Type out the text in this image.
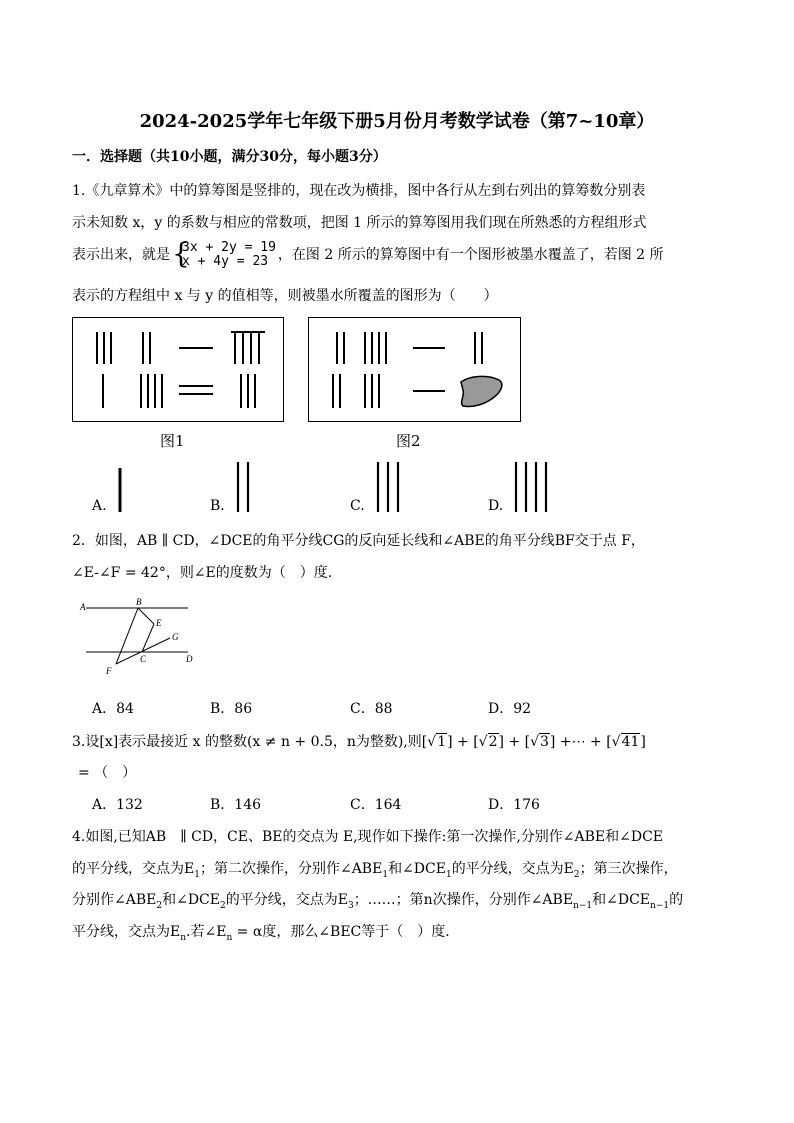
2024-2025学年七年级下册5月份月考数学试卷（第7~10章）
一．选择题（共10小题，满分30分，每小题3分）
1.《九章算术》中的算筹图是竖排的，现在改为横排，图中各行从左到右列出的算筹数分别表
示未知数 x，y 的系数与相应的常数项，把图 1 所示的算筹图用我们现在所熟悉的方程组形式
表示出来，就是 {
3x + 2y = 19
x + 4y = 23 ，在图 2 所示的算筹图中有一个图形被墨水覆盖了，若图 2 所
表示的方程组中 x 与 y 的值相等，则被墨水所覆盖的图形为（　　）
图1	图2
A.	B.	C.	D.
2．如图，AB ∥ CD，∠DCE的角平分线CG的反向延长线和∠ABE的角平分线BF交于点 F，
∠E-∠F = 42°，则∠E的度数为（　）度.
A	B
E
G
F
C	D
A．84	B．86	C．88	D．92
3.设[x]表示最接近 x 的整数(x ≠ n + 0.5，n为整数),则[√1] + [√2] + [√3] +⋯ + [√41]
= （　）
A．132	B．146	C．164	D．176
4.如图,已知AB　∥ CD，CE、BE的交点为 E,现作如下操作:第一次操作,分别作∠ABE和∠DCE
的平分线，交点为$E_1$；第二次操作，分别作$\angle ABE_1$和$\angle DCE_1$的平分线，交点为$E_2$；第三次操作，
分别作$\angle ABE_2$和$\angle DCE_2$的平分线，交点为$E_3$；……；第n次操作，分别作$\angle ABE_{n-1}$和$\angle DCE_{n-1}$的
平分线，交点为$E_n$.若$\angle E_n = \alpha$度，那么∠BEC等于（　）度.
